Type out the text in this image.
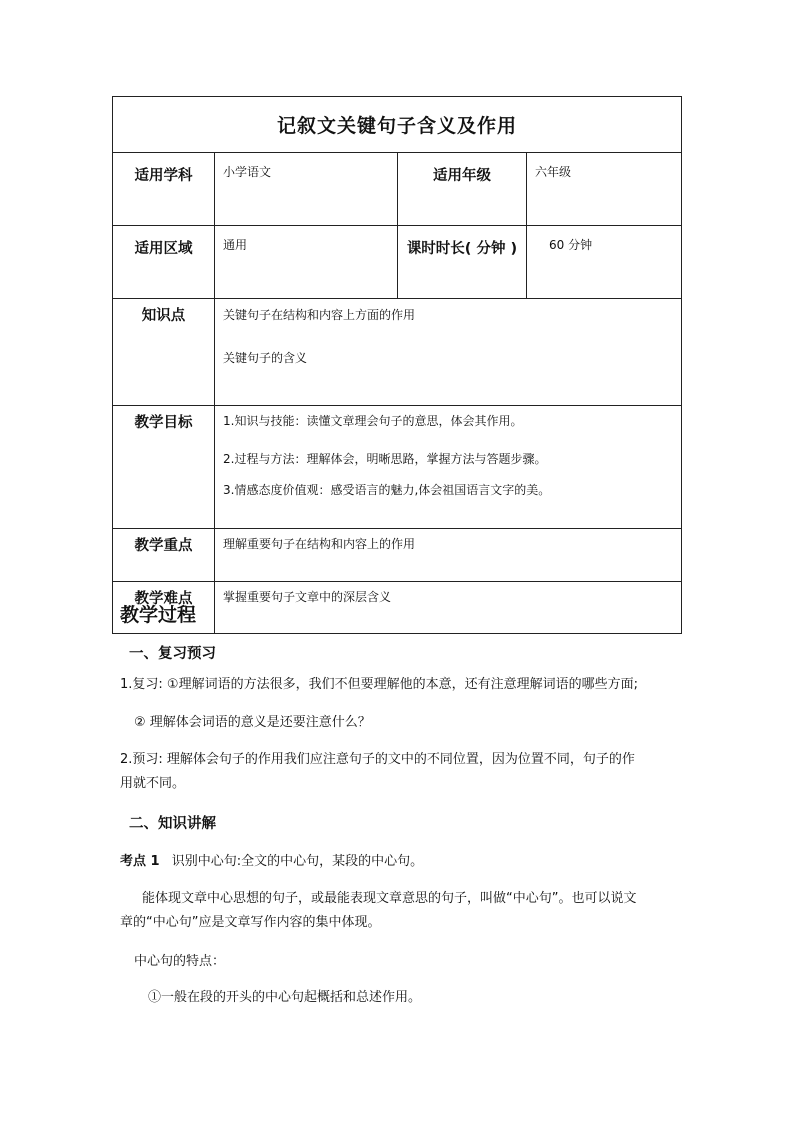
记叙文关键句子含义及作用			
适用学科	小学语文	适用年级	六年级
适用区域	通用	课时时长( 分钟 )	60 分钟
知识点	关键句子在结构和内容上方面的作用

关键句子的含义		

教学目标	1.知识与技能：读懂文章理会句子的意思，体会其作用。

2.过程与方法：理解体会，明晰思路，掌握方法与答题步骤。

3.情感态度价值观：感受语言的魅力,体会祖国语言文字的美。		

教学重点	理解重要句子在结构和内容上的作用		
教学难点	掌握重要句子文章中的深层含义		
教学过程
一、复习预习
1.复习: ①理解词语的方法很多，我们不但要理解他的本意，还有注意理解词语的哪些方面;
② 理解体会词语的意义是还要注意什么？
2.预习: 理解体会句子的作用我们应注意句子的文中的不同位置，因为位置不同，句子的作
用就不同。
二、知识讲解
考点 1 识别中心句:全文的中心句，某段的中心句。
能体现文章中心思想的句子，或最能表现文章意思的句子，叫做“中心句”。也可以说文
章的“中心句”应是文章写作内容的集中体现。
中心句的特点：
①一般在段的开头的中心句起概括和总述作用。
